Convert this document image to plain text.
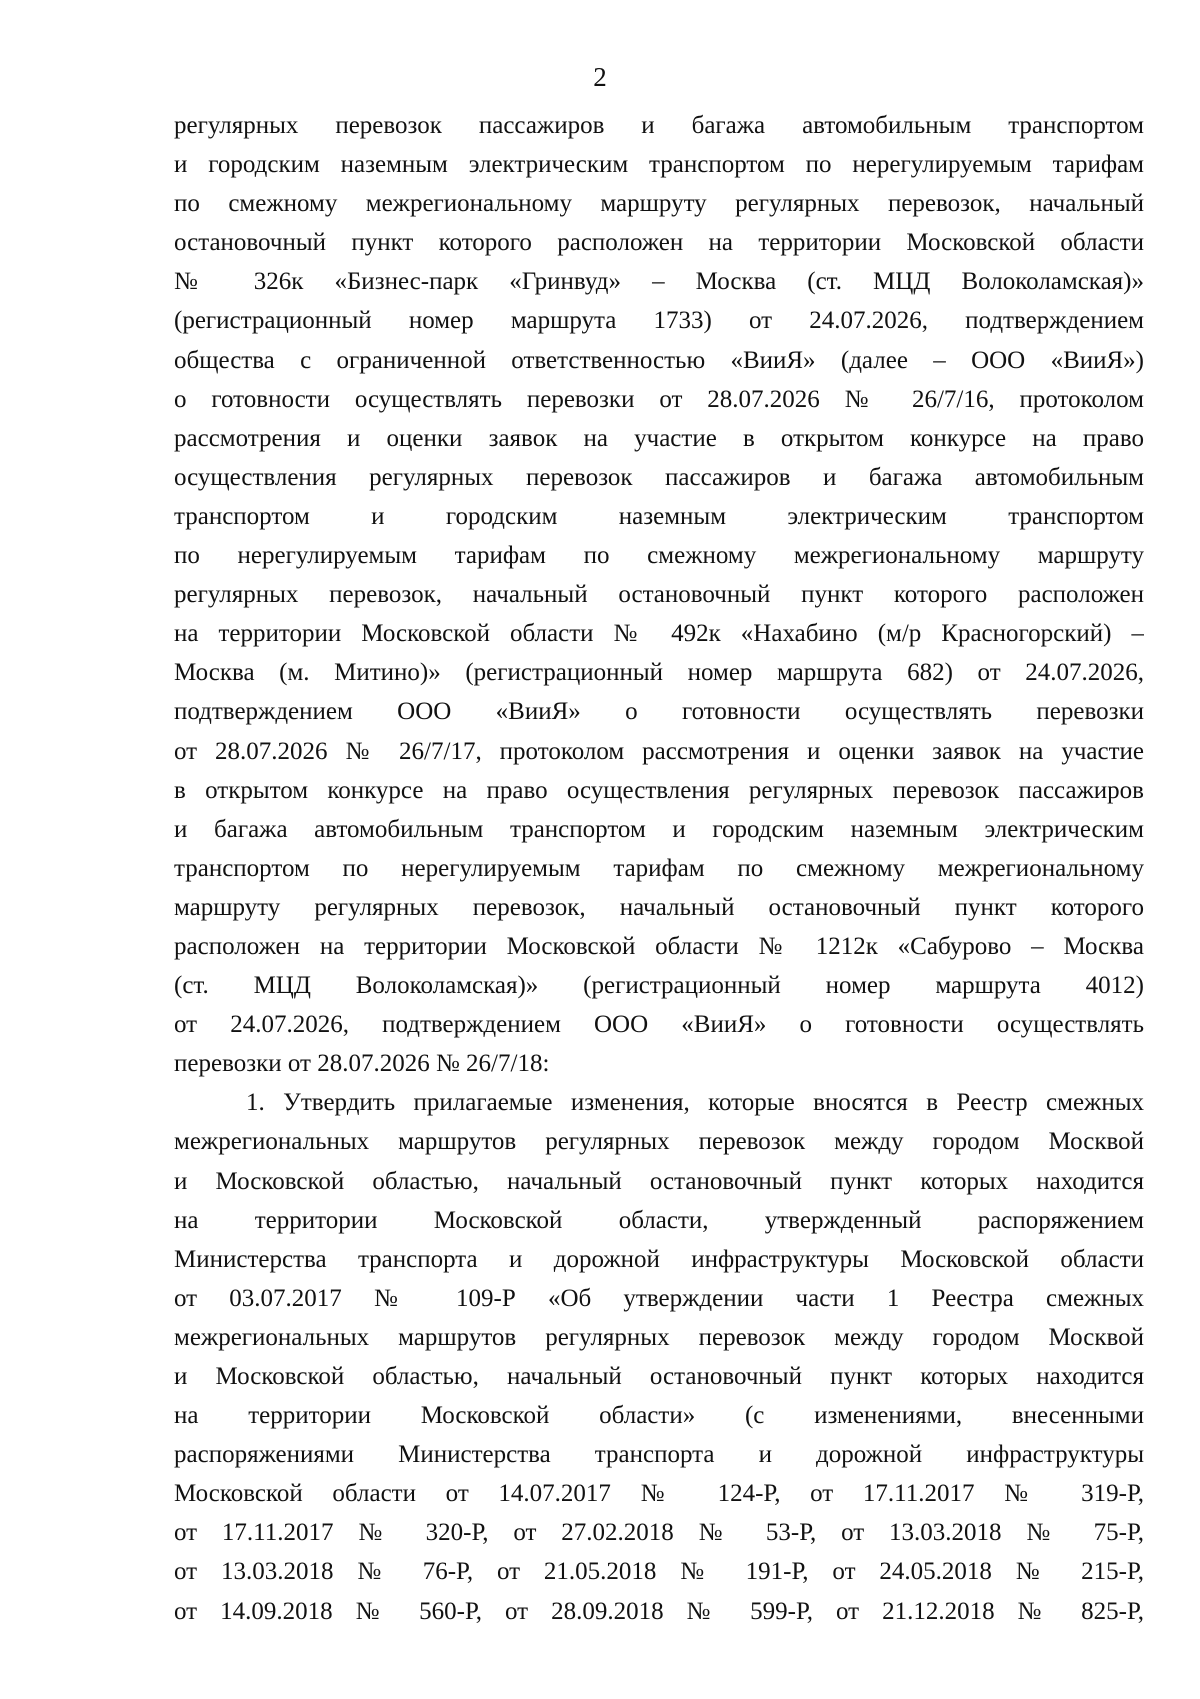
2
регулярных перевозок пассажиров и багажа автомобильным транспортом
и городским наземным электрическим транспортом по нерегулируемым тарифам
по смежному межрегиональному маршруту регулярных перевозок, начальный
остановочный пункт которого расположен на территории Московской области
№ 326к «Бизнес-парк «Гринвуд» – Москва (ст. МЦД Волоколамская)»
(регистрационный номер маршрута 1733) от 24.07.2026, подтверждением
общества с ограниченной ответственностью «ВииЯ» (далее – ООО «ВииЯ»)
о готовности осуществлять перевозки от 28.07.2026 № 26/7/16, протоколом
рассмотрения и оценки заявок на участие в открытом конкурсе на право
осуществления регулярных перевозок пассажиров и багажа автомобильным
транспортом и городским наземным электрическим транспортом
по нерегулируемым тарифам по смежному межрегиональному маршруту
регулярных перевозок, начальный остановочный пункт которого расположен
на территории Московской области № 492к «Нахабино (м/р Красногорский) –
Москва (м. Митино)» (регистрационный номер маршрута 682) от 24.07.2026,
подтверждением ООО «ВииЯ» о готовности осуществлять перевозки
от 28.07.2026 № 26/7/17, протоколом рассмотрения и оценки заявок на участие
в открытом конкурсе на право осуществления регулярных перевозок пассажиров
и багажа автомобильным транспортом и городским наземным электрическим
транспортом по нерегулируемым тарифам по смежному межрегиональному
маршруту регулярных перевозок, начальный остановочный пункт которого
расположен на территории Московской области № 1212к «Сабурово – Москва
(ст. МЦД Волоколамская)» (регистрационный номер маршрута 4012)
от 24.07.2026, подтверждением ООО «ВииЯ» о готовности осуществлять
перевозки от 28.07.2026 № 26/7/18:
1. Утвердить прилагаемые изменения, которые вносятся в Реестр смежных
межрегиональных маршрутов регулярных перевозок между городом Москвой
и Московской областью, начальный остановочный пункт которых находится
на территории Московской области, утвержденный распоряжением
Министерства транспорта и дорожной инфраструктуры Московской области
от 03.07.2017 № 109-Р «Об утверждении части 1 Реестра смежных
межрегиональных маршрутов регулярных перевозок между городом Москвой
и Московской областью, начальный остановочный пункт которых находится
на территории Московской области» (с изменениями, внесенными
распоряжениями Министерства транспорта и дорожной инфраструктуры
Московской области от 14.07.2017 № 124-Р, от 17.11.2017 № 319-Р,
от 17.11.2017 № 320-Р, от 27.02.2018 № 53-Р, от 13.03.2018 № 75-Р,
от 13.03.2018 № 76-Р, от 21.05.2018 № 191-Р, от 24.05.2018 № 215-Р,
от 14.09.2018 № 560-Р, от 28.09.2018 № 599-Р, от 21.12.2018 № 825-Р,
